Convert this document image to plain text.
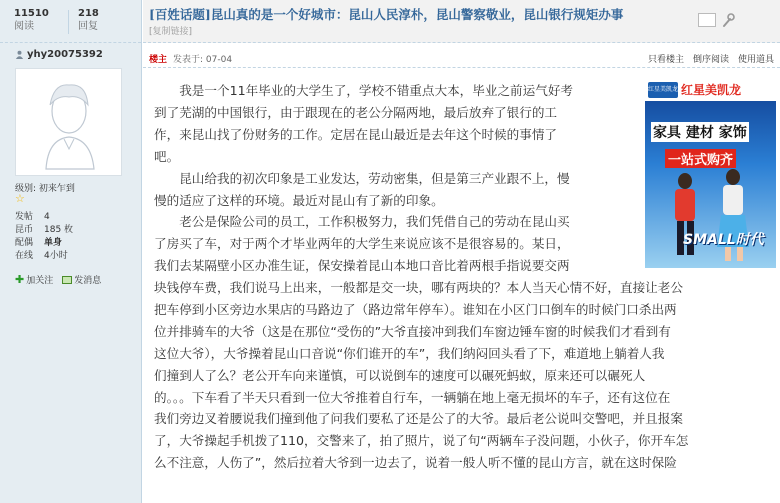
11510
阅读
218
回复
yhy20075392
级别: 初来乍到
☆
发帖	4
昆币	185 枚
配偶	单身
在线	4小时
✚ 加关注 发消息
[百姓话题]昆山真的是一个好城市：昆山人民淳朴，昆山警察敬业，昆山银行规矩办事
[复制链接]
楼主 发表于: 07-04	只看楼主 倒序阅读 使用道具
红星美凯龙 红星美凯龙
家具 建材 家饰
一站式购齐
SMALL时代
　　我是一个11年毕业的大学生了，学校不错重点大本，毕业之前运气好考
到了芜湖的中国银行，由于跟现在的老公分隔两地，最后放弃了银行的工
作，来昆山找了份财务的工作。定居在昆山最近是去年这个时候的事情了
吧。
　　昆山给我的初次印象是工业发达，劳动密集，但是第三产业跟不上，慢
慢的适应了这样的环境。最近对昆山有了新的印象。
　　老公是保险公司的员工，工作积极努力，我们凭借自己的劳动在昆山买
了房买了车，对于两个才毕业两年的大学生来说应该不是很容易的。某日，
我们去某隔壁小区办准生证，保安操着昆山本地口音比着两根手指说要交两
块钱停车费，我们说马上出来，一般都是交一块，哪有两块的？本人当天心情不好，直接让老公
把车停到小区旁边水果店的马路边了（路边常年停车）。谁知在小区门口倒车的时候门口杀出两
位并排骑车的大爷（这是在那位“受伤的”大爷直接冲到我们车窗边锤车窗的时候我们才看到有
这位大爷），大爷操着昆山口音说“你们谁开的车”，我们纳闷回头看了下，难道地上躺着人我
们撞到人了么？老公开车向来谨慎，可以说倒车的速度可以碾死蚂蚁，原来还可以碾死人
的。。。下车看了半天只看到一位大爷推着自行车，一辆躺在地上毫无损坏的车子，还有这位在
我们旁边叉着腰说我们撞到他了问我们要私了还是公了的大爷。最后老公说叫交警吧，并且报案
了，大爷操起手机拨了110，交警来了，拍了照片，说了句“两辆车子没问题，小伙子，你开车怎
么不注意，人伤了”，然后拉着大爷到一边去了，说着一般人听不懂的昆山方言，就在这时保险
